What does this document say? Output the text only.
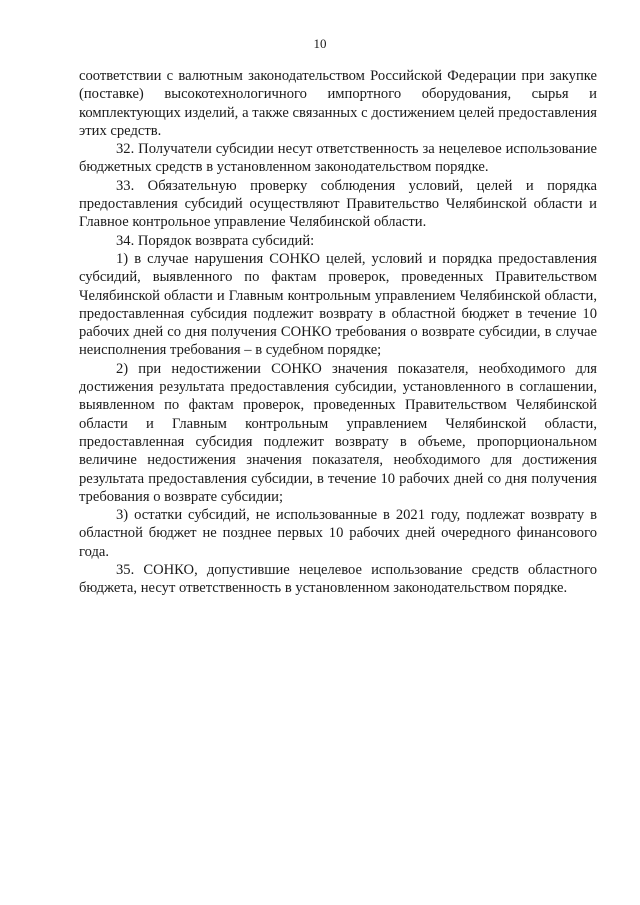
10

соответствии с валютным законодательством Российской Федерации при закупке (поставке) высокотехнологичного импортного оборудования, сырья и комплектующих изделий, а также связанных с достижением целей предоставления этих средств.

32. Получатели субсидии несут ответственность за нецелевое использование бюджетных средств в установленном законодательством порядке.

33. Обязательную проверку соблюдения условий, целей и порядка предоставления субсидий осуществляют Правительство Челябинской области и Главное контрольное управление Челябинской области.

34. Порядок возврата субсидий:

1) в случае нарушения СОНКО целей, условий и порядка предоставления субсидий, выявленного по фактам проверок, проведенных Правительством Челябинской области и Главным контрольным управлением Челябинской области, предоставленная субсидия подлежит возврату в областной бюджет в течение 10 рабочих дней со дня получения СОНКО требования о возврате субсидии, в случае неисполнения требования – в судебном порядке;

2) при недостижении СОНКО значения показателя, необходимого для достижения результата предоставления субсидии, установленного в соглашении, выявленном по фактам проверок, проведенных Правительством Челябинской области и Главным контрольным управлением Челябинской области, предоставленная субсидия подлежит возврату в объеме, пропорциональном величине недостижения значения показателя, необходимого для достижения результата предоставления субсидии, в течение 10 рабочих дней со дня получения требования о возврате субсидии;

3) остатки субсидий, не использованные в 2021 году, подлежат возврату в областной бюджет не позднее первых 10 рабочих дней очередного финансового года.

35. СОНКО, допустившие нецелевое использование средств областного бюджета, несут ответственность в установленном законодательством порядке.
